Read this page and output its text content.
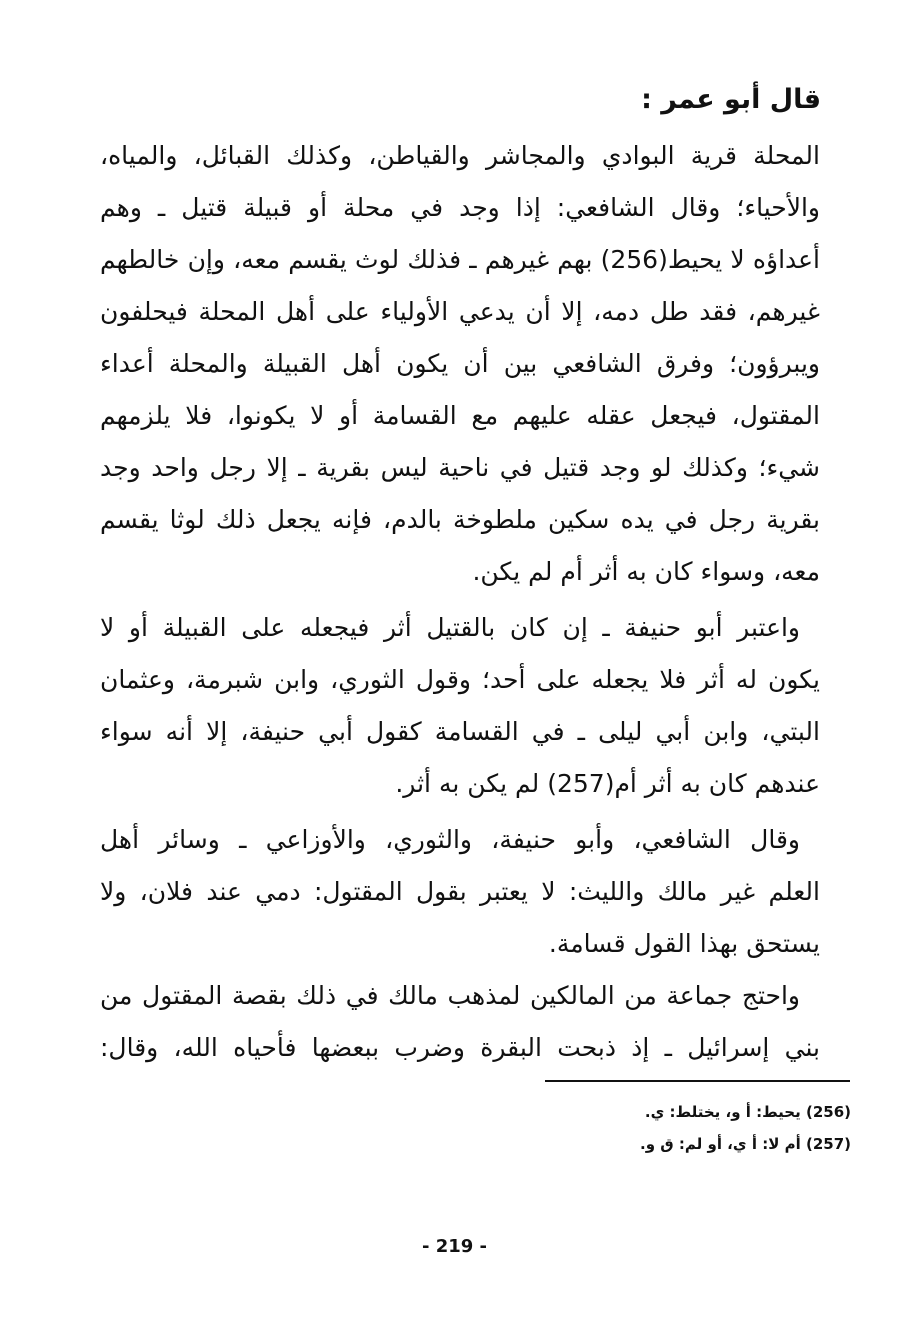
قال أبو عمر :
المحلة قرية البوادي والمجاشر والقياطن، وكذلك القبائل، والمياه،
والأحياء؛ وقال الشافعي: إذا وجد في محلة أو قبيلة قتيل ـ وهم
أعداؤه لا يحيط(256) بهم غيرهم ـ فذلك لوث يقسم معه، وإن خالطهم
غيرهم، فقد طل دمه، إلا أن يدعي الأولياء على أهل المحلة فيحلفون
ويبرؤون؛ وفرق الشافعي بين أن يكون أهل القبيلة والمحلة أعداء
المقتول، فيجعل عقله عليهم مع القسامة أو لا يكونوا، فلا يلزمهم
شيء؛ وكذلك لو وجد قتيل في ناحية ليس بقرية ـ إلا رجل واحد وجد
بقرية رجل في يده سكين ملطوخة بالدم، فإنه يجعل ذلك لوثا يقسم
معه، وسواء كان به أثر أم لم يكن.
واعتبر أبو حنيفة ـ إن كان بالقتيل أثر فيجعله على القبيلة أو لا
يكون له أثر فلا يجعله على أحد؛ وقول الثوري، وابن شبرمة، وعثمان
البتي، وابن أبي ليلى ـ في القسامة كقول أبي حنيفة، إلا أنه سواء
عندهم كان به أثر أم(257) لم يكن به أثر.
وقال الشافعي، وأبو حنيفة، والثوري، والأوزاعي ـ وسائر أهل
العلم غير مالك والليث: لا يعتبر بقول المقتول: دمي عند فلان، ولا
يستحق بهذا القول قسامة.
واحتج جماعة من المالكين لمذهب مالك في ذلك بقصة المقتول من
بني إسرائيل ـ إذ ذبحت البقرة وضرب ببعضها فأحياه الله، وقال:
(256) يحيط: أ و، يختلط: ي.
(257) أم لا: أ ي، أو لم: ق و.
- 219 -
